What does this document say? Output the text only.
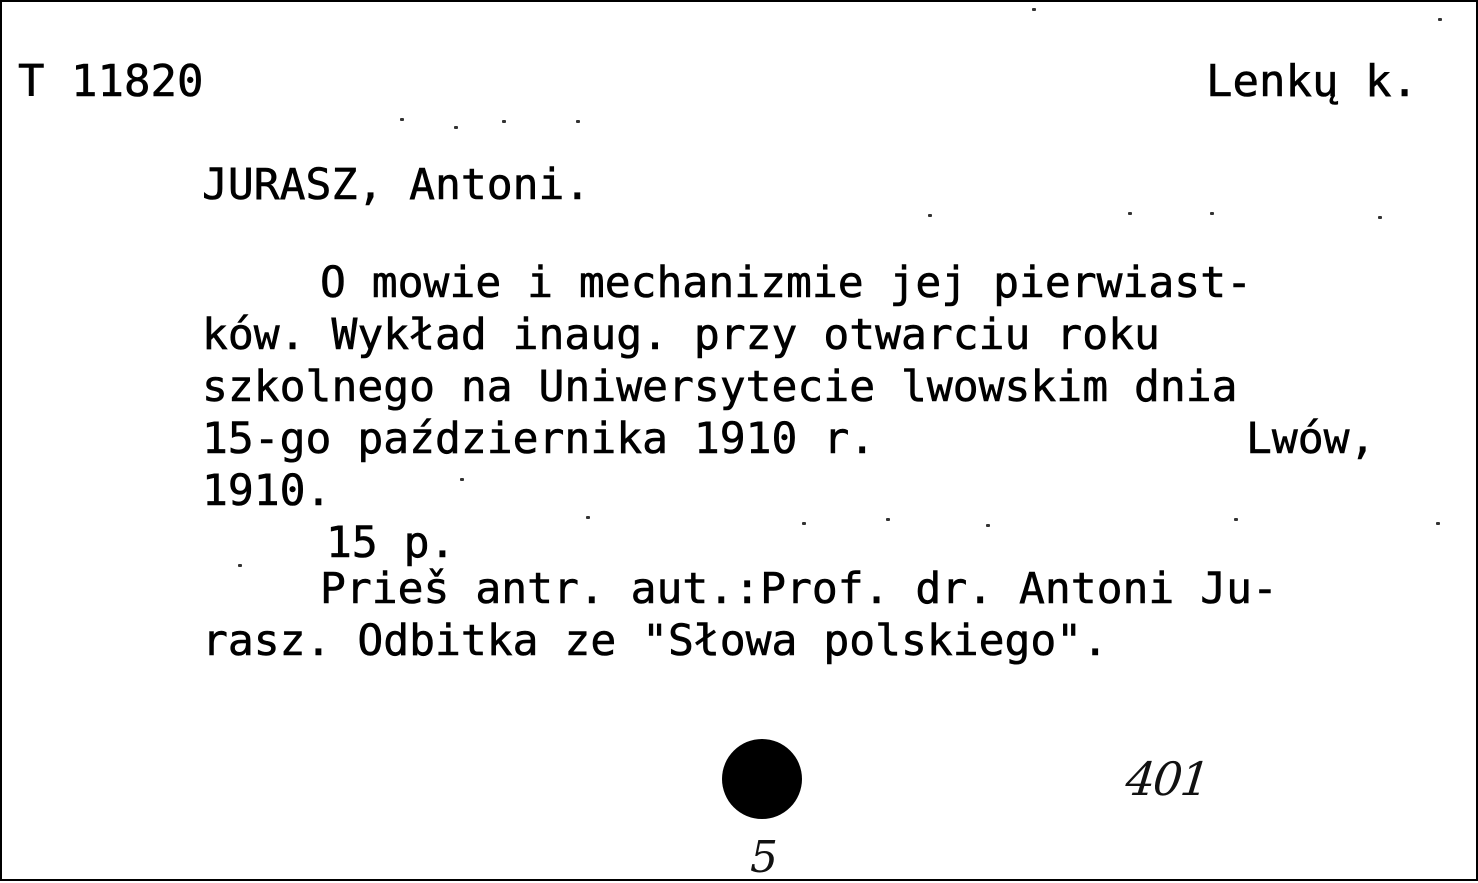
T 11820	Lenkų k.
JURASZ, Antoni.
O mowie i mechanizmie jej pierwiast-
ków. Wykład inaug. przy otwarciu roku
szkolnego na Uniwersytecie lwowskim dnia
15-go października 1910 r.	Lwów,
1910.
15 p.
Prieš antr. aut.:Prof. dr. Antoni Ju-
rasz. Odbitka ze "Słowa polskiego".
401
5
